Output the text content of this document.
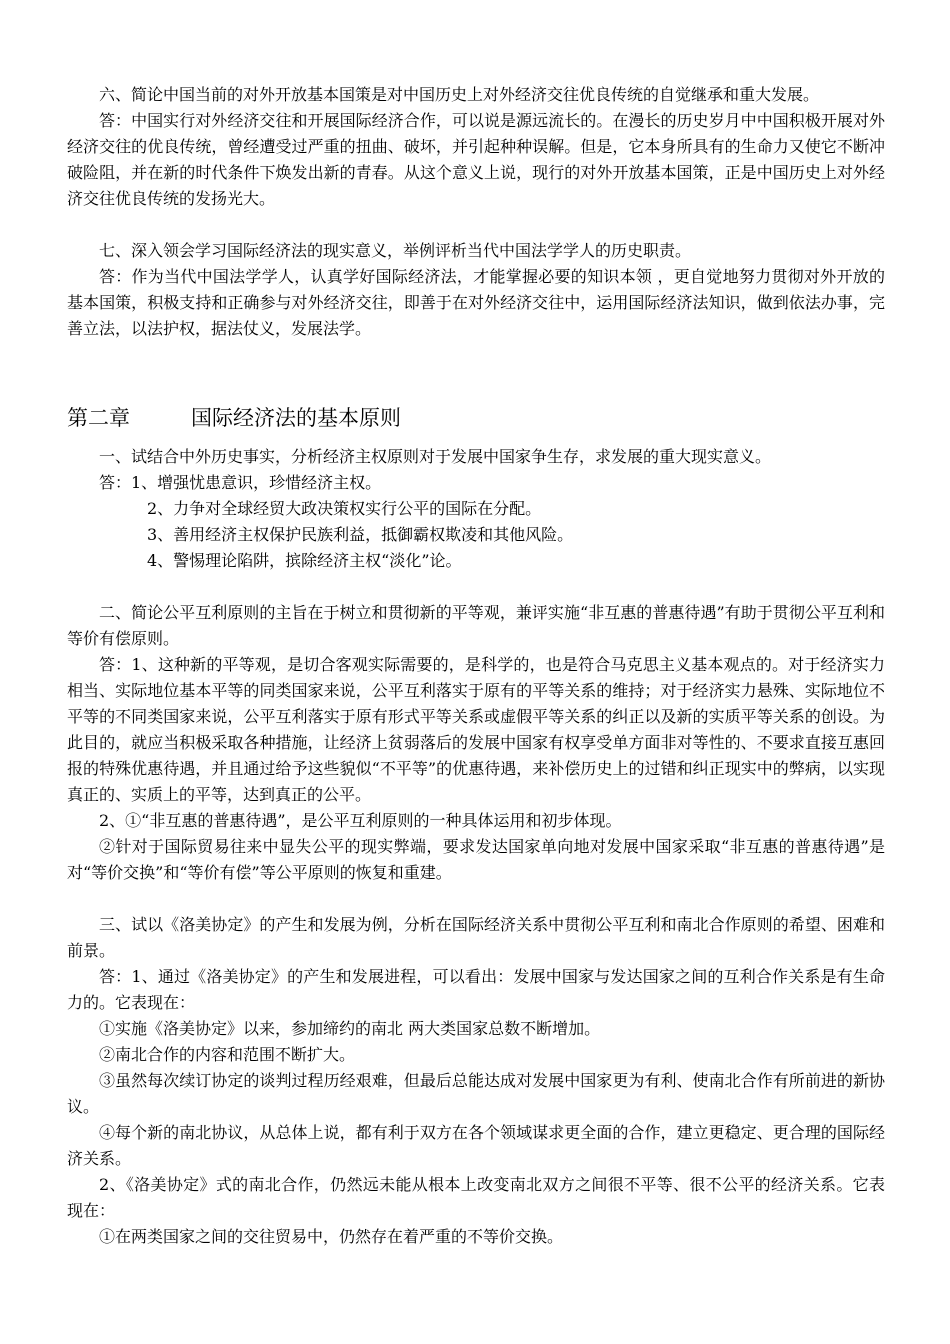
六、简论中国当前的对外开放基本国策是对中国历史上对外经济交往优良传统的自觉继承和重大发展。

答：中国实行对外经济交往和开展国际经济合作，可以说是源远流长的。在漫长的历史岁月中中国积极开展对外经济交往的优良传统，曾经遭受过严重的扭曲、破坏，并引起种种误解。但是，它本身所具有的生命力又使它不断冲破险阻，并在新的时代条件下焕发出新的青春。从这个意义上说，现行的对外开放基本国策，正是中国历史上对外经济交往优良传统的发扬光大。

七、深入领会学习国际经济法的现实意义，举例评析当代中国法学学人的历史职责。

答：作为当代中国法学学人，认真学好国际经济法，才能掌握必要的知识本领 ，更自觉地努力贯彻对外开放的基本国策，积极支持和正确参与对外经济交往，即善于在对外经济交往中，运用国际经济法知识，做到依法办事，完善立法，以法护权，据法仗义，发展法学。

第二章	国际经济法的基本原则

一、试结合中外历史事实，分析经济主权原则对于发展中国家争生存，求发展的重大现实意义。

答：1、增强忧患意识，珍惜经济主权。

2、力争对全球经贸大政决策权实行公平的国际在分配。

3、善用经济主权保护民族利益，抵御霸权欺凌和其他风险。

4、警惕理论陷阱，摈除经济主权“淡化”论。

二、简论公平互利原则的主旨在于树立和贯彻新的平等观，兼评实施“非互惠的普惠待遇”有助于贯彻公平互利和等价有偿原则。

答：1、这种新的平等观，是切合客观实际需要的，是科学的，也是符合马克思主义基本观点的。对于经济实力相当、实际地位基本平等的同类国家来说，公平互利落实于原有的平等关系的维持；对于经济实力悬殊、实际地位不平等的不同类国家来说，公平互利落实于原有形式平等关系或虚假平等关系的纠正以及新的实质平等关系的创设。为此目的，就应当积极采取各种措施，让经济上贫弱落后的发展中国家有权享受单方面非对等性的、不要求直接互惠回报的特殊优惠待遇，并且通过给予这些貌似“不平等”的优惠待遇，来补偿历史上的过错和纠正现实中的弊病，以实现真正的、实质上的平等，达到真正的公平。

2、①“非互惠的普惠待遇”，是公平互利原则的一种具体运用和初步体现。

②针对于国际贸易往来中显失公平的现实弊端，要求发达国家单向地对发展中国家采取“非互惠的普惠待遇”是对“等价交换”和“等价有偿”等公平原则的恢复和重建。

三、试以《洛美协定》的产生和发展为例，分析在国际经济关系中贯彻公平互利和南北合作原则的希望、困难和前景。

答：1、通过《洛美协定》的产生和发展进程，可以看出：发展中国家与发达国家之间的互利合作关系是有生命力的。它表现在：

①实施《洛美协定》以来，参加缔约的南北 两大类国家总数不断增加。

②南北合作的内容和范围不断扩大。

③虽然每次续订协定的谈判过程历经艰难，但最后总能达成对发展中国家更为有利、使南北合作有所前进的新协议。

④每个新的南北协议，从总体上说，都有利于双方在各个领域谋求更全面的合作，建立更稳定、更合理的国际经济关系。

2、《洛美协定》式的南北合作，仍然远未能从根本上改变南北双方之间很不平等、很不公平的经济关系。它表现在：

①在两类国家之间的交往贸易中，仍然存在着严重的不等价交换。
